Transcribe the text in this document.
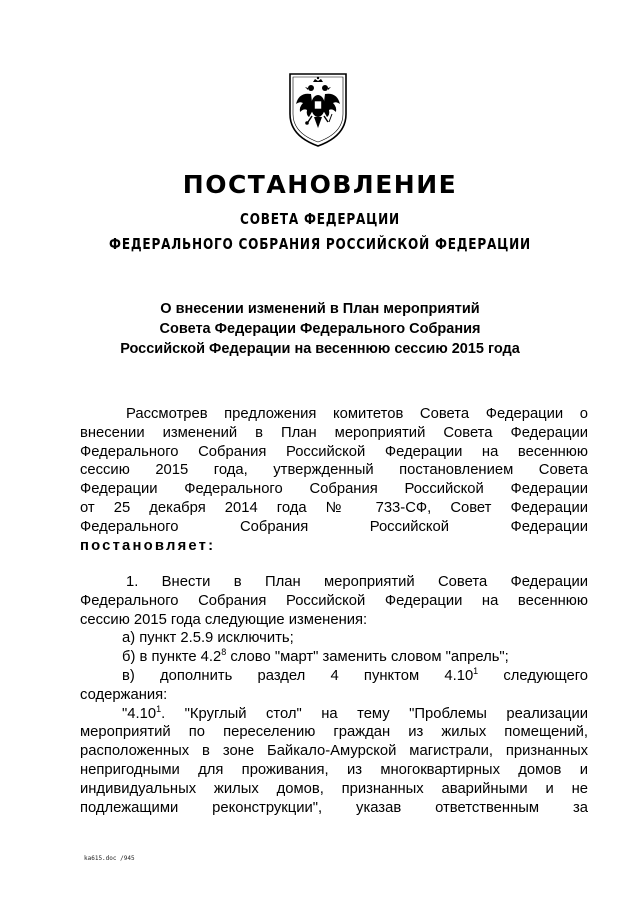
ПОСТАНОВЛЕНИЕ
СОВЕТА ФЕДЕРАЦИИ
ФЕДЕРАЛЬНОГО СОБРАНИЯ РОССИЙСКОЙ ФЕДЕРАЦИИ
О внесении изменений в План мероприятий
Совета Федерации Федерального Собрания
Российской Федерации на весеннюю сессию 2015 года
Рассмотрев предложения комитетов Совета Федерации о
внесении изменений в План мероприятий Совета Федерации
Федерального Собрания Российской Федерации на весеннюю
сессию 2015 года, утвержденный постановлением Совета
Федерации Федерального Собрания Российской Федерации
от 25 декабря 2014 года № 733-СФ, Совет Федерации
Федерального Собрания Российской Федерации
постановляет:
1. Внести в План мероприятий Совета Федерации
Федерального Собрания Российской Федерации на весеннюю
сессию 2015 года следующие изменения:
а) пункт 2.5.9 исключить;
б) в пункте $4.2^8$ слово "март" заменить словом "апрель";
в) дополнить раздел 4 пунктом 4.10$^1$ следующего
содержания:
"4.10$^1$. "Круглый стол" на тему "Проблемы реализации
мероприятий по переселению граждан из жилых помещений,
расположенных в зоне Байкало-Амурской магистрали, признанных
непригодными для проживания, из многоквартирных домов и
индивидуальных жилых домов, признанных аварийными и не
подлежащими реконструкции", указав ответственным за
ka615.doc /945
